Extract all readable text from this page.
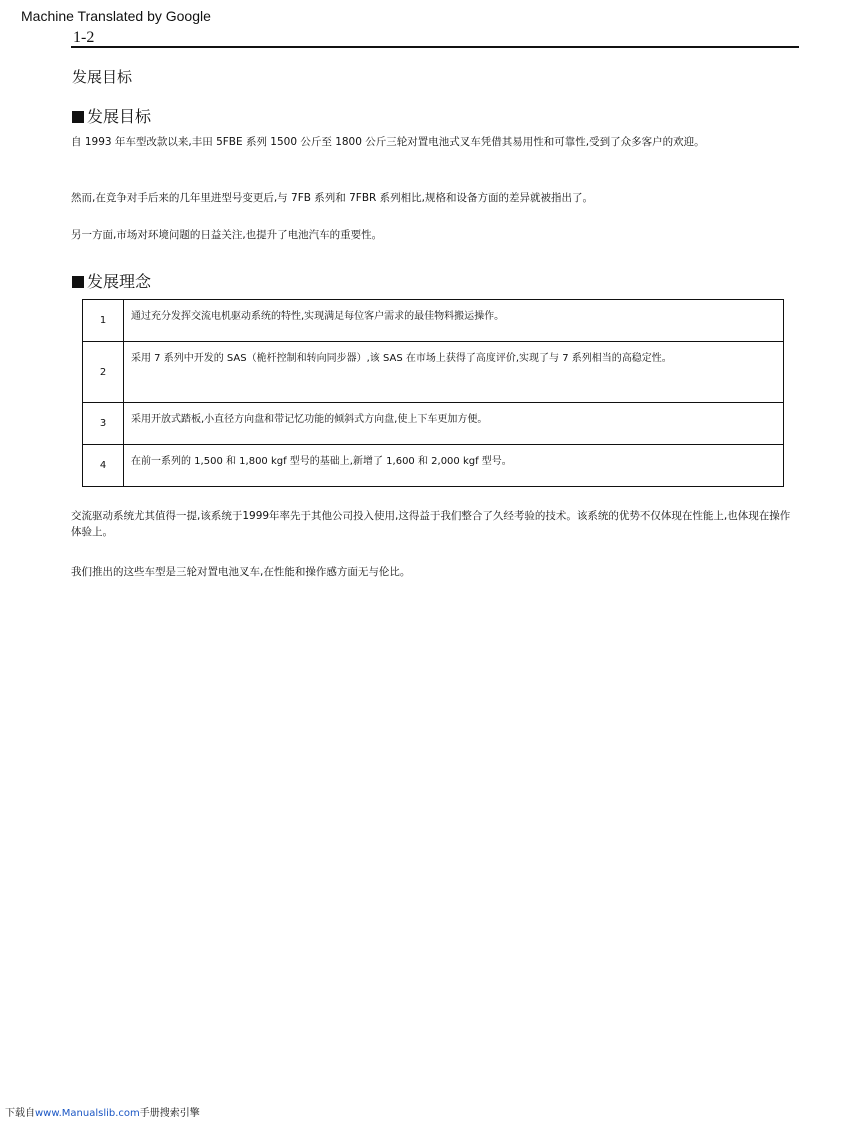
Machine Translated by Google
1-2
发展目标
发展目标
自 1993 年车型改款以来,丰田 5FBE 系列 1500 公斤至 1800 公斤三轮对置电池式叉车凭借其易用性和可靠性,受到了众多客户的欢迎。
然而,在竞争对手后来的几年里进型号变更后,与 7FB 系列和 7FBR 系列相比,规格和设备方面的差异就被指出了。
另一方面,市场对环境问题的日益关注,也提升了电池汽车的重要性。
发展理念
1	通过充分发挥交流电机驱动系统的特性,实现满足每位客户需求的最佳物料搬运操作。
2	采用 7 系列中开发的 SAS（桅杆控制和转向同步器）,该 SAS 在市场上获得了高度评价,实现了与 7 系列相当的高稳定性。
3	采用开放式踏板,小直径方向盘和带记忆功能的倾斜式方向盘,使上下车更加方便。
4	在前一系列的 1,500 和 1,800 kgf 型号的基础上,新增了 1,600 和 2,000 kgf 型号。
交流驱动系统尤其值得一提,该系统于1999年率先于其他公司投入使用,这得益于我们整合了久经考验的技术。该系统的优势不仅体现在性能上,也体现在操作体验上。
我们推出的这些车型是三轮对置电池叉车,在性能和操作感方面无与伦比。
下载自www.Manualslib.com手册搜索引擎
